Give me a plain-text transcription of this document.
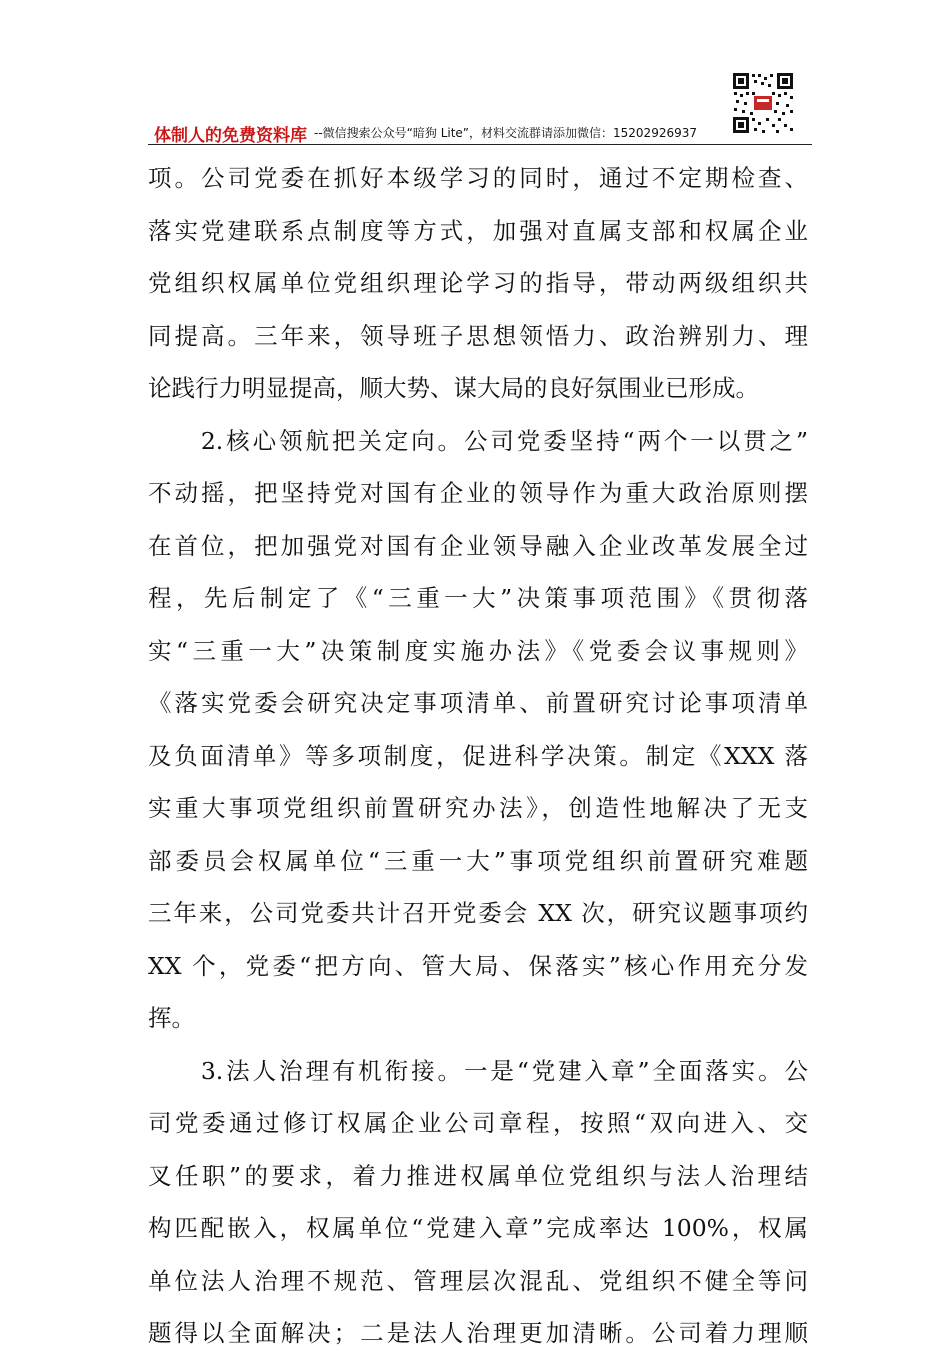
体制人的免费资料库 --微信搜索公众号“暗狗 Lite”，材料交流群请添加微信：15202926937
项。公司党委在抓好本级学习的同时，通过不定期检查、
落实党建联系点制度等方式，加强对直属支部和权属企业
党组织权属单位党组织理论学习的指导，带动两级组织共
同提高。三年来，领导班子思想领悟力、政治辨别力、理
论践行力明显提高，顺大势、谋大局的良好氛围业已形成。
　　2.核心领航把关定向。公司党委坚持“两个一以贯之”
不动摇，把坚持党对国有企业的领导作为重大政治原则摆
在首位，把加强党对国有企业领导融入企业改革发展全过
程，先后制定了《“三重一大”决策事项范围》《贯彻落
实“三重一大”决策制度实施办法》《党委会议事规则》
《落实党委会研究决定事项清单、前置研究讨论事项清单
及负面清单》等多项制度，促进科学决策。制定《XXX 落
实重大事项党组织前置研究办法》，创造性地解决了无支
部委员会权属单位“三重一大”事项党组织前置研究难题
三年来，公司党委共计召开党委会 XX 次，研究议题事项约
XX 个，党委“把方向、管大局、保落实”核心作用充分发
挥。
　　3.法人治理有机衔接。一是“党建入章”全面落实。公
司党委通过修订权属企业公司章程，按照“双向进入、交
叉任职”的要求，着力推进权属单位党组织与法人治理结
构匹配嵌入，权属单位“党建入章”完成率达 100%，权属
单位法人治理不规范、管理层次混乱、党组织不健全等问
题得以全面解决；二是法人治理更加清晰。公司着力理顺
